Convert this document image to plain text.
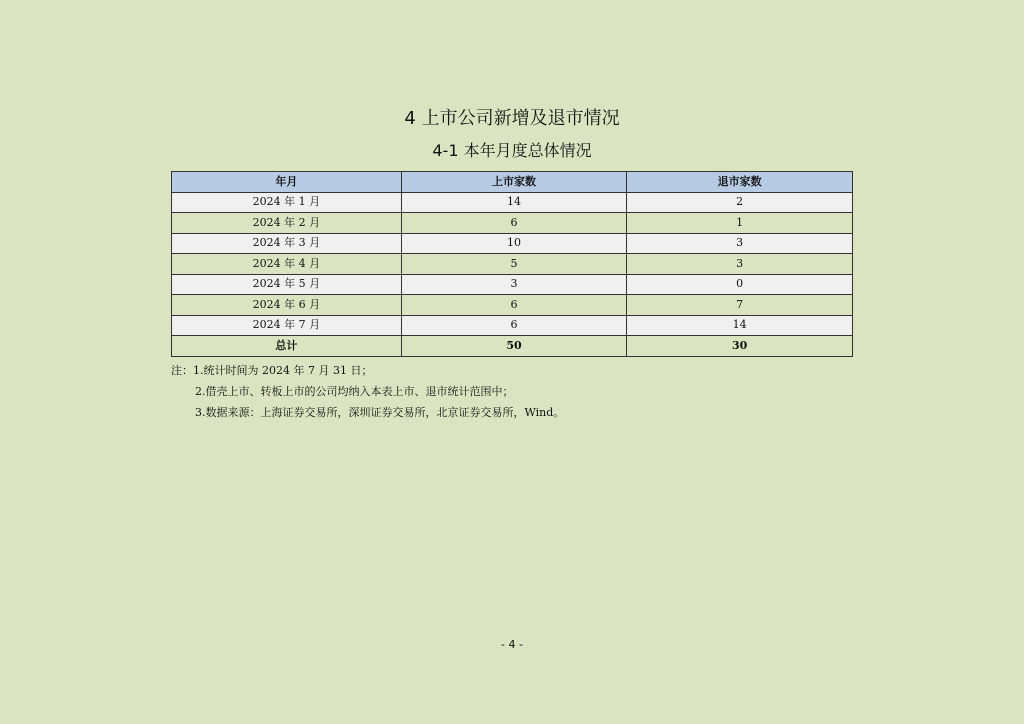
4 上市公司新增及退市情况
4-1 本年月度总体情况
年月	上市家数	退市家数
2024 年 1 月	14	2
2024 年 2 月	6	1
2024 年 3 月	10	3
2024 年 4 月	5	3
2024 年 5 月	3	0
2024 年 6 月	6	7
2024 年 7 月	6	14
总计	50	30
注：1.统计时间为 2024 年 7 月 31 日；
2.借壳上市、转板上市的公司均纳入本表上市、退市统计范围中；
3.数据来源：上海证券交易所，深圳证券交易所，北京证券交易所，Wind。
- 4 -
